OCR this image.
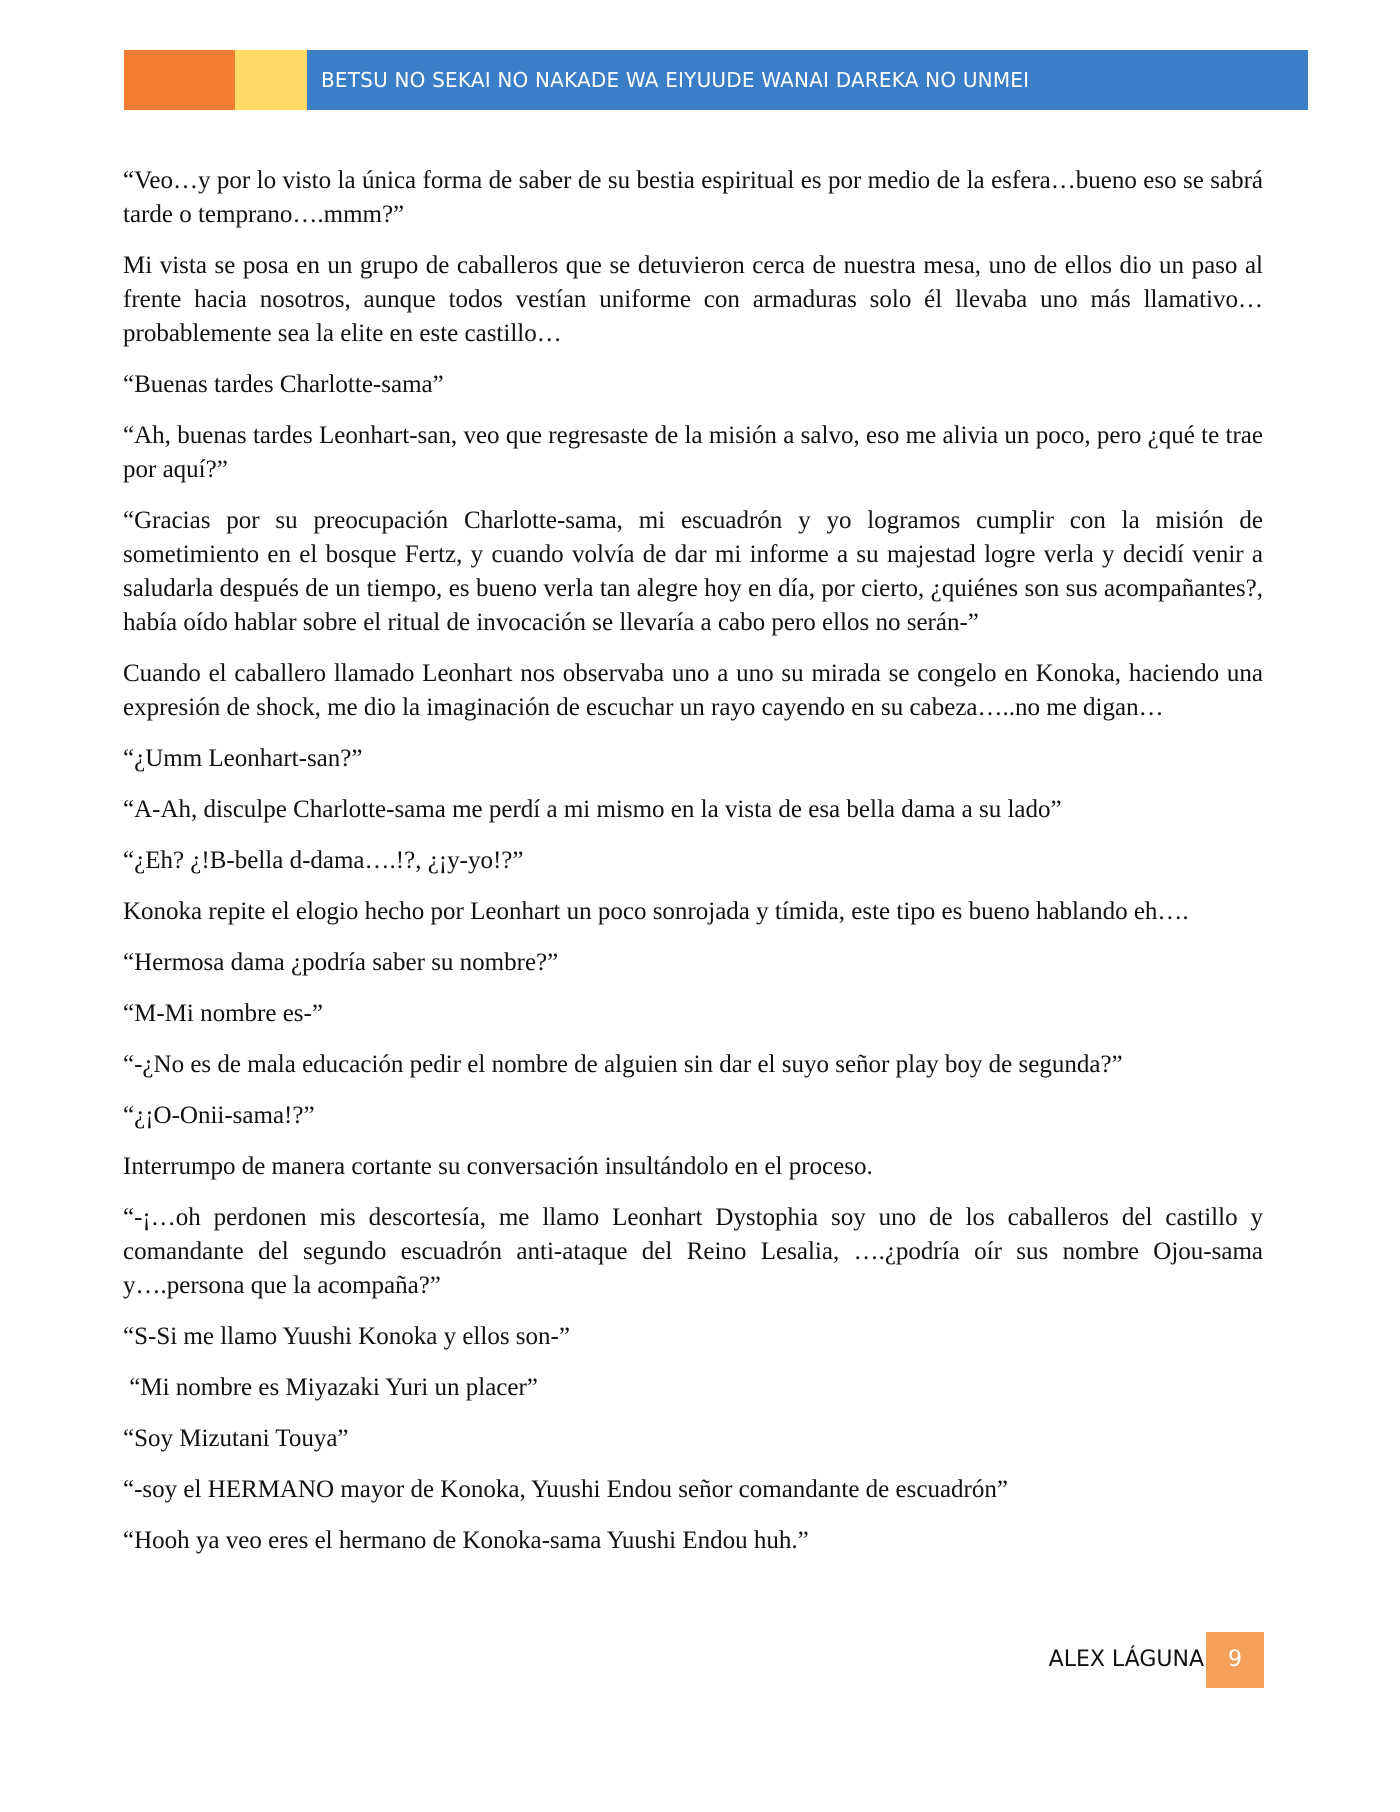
BETSU NO SEKAI NO NAKADE WA EIYUUDE WANAI DAREKA NO UNMEI

“Veo…y por lo visto la única forma de saber de su bestia espiritual es por medio de la esfera…bueno eso se sabrá tarde o temprano….mmm?”

Mi vista se posa en un grupo de caballeros que se detuvieron cerca de nuestra mesa, uno de ellos dio un paso al frente hacia nosotros, aunque todos vestían uniforme con armaduras solo él llevaba uno más llamativo…probablemente sea la elite en este castillo…

“Buenas tardes Charlotte-sama”

“Ah, buenas tardes Leonhart-san, veo que regresaste de la misión a salvo, eso me alivia un poco, pero ¿qué te trae por aquí?”

“Gracias por su preocupación Charlotte-sama, mi escuadrón y yo logramos cumplir con la misión de sometimiento en el bosque Fertz, y cuando volvía de dar mi informe a su majestad logre verla y decidí venir a saludarla después de un tiempo, es bueno verla tan alegre hoy en día, por cierto, ¿quiénes son sus acompañantes?, había oído hablar sobre el ritual de invocación se llevaría a cabo pero ellos no serán-”

Cuando el caballero llamado Leonhart nos observaba uno a uno su mirada se congelo en Konoka, haciendo una expresión de shock, me dio la imaginación de escuchar un rayo cayendo en su cabeza…..no me digan…

“¿Umm Leonhart-san?”

“A-Ah, disculpe Charlotte-sama me perdí a mi mismo en la vista de esa bella dama a su lado”

“¿Eh? ¿!B-bella d-dama….!?, ¿¡y-yo!?”

Konoka repite el elogio hecho por Leonhart un poco sonrojada y tímida, este tipo es bueno hablando eh….

“Hermosa dama ¿podría saber su nombre?”

“M-Mi nombre es-”

“-¿No es de mala educación pedir el nombre de alguien sin dar el suyo señor play boy de segunda?”

“¿¡O-Onii-sama!?”

Interrumpo de manera cortante su conversación insultándolo en el proceso.

“-¡…oh perdonen mis descortesía, me llamo Leonhart Dystophia soy uno de los caballeros del castillo y comandante del segundo escuadrón anti-ataque del Reino Lesalia, ….¿podría oír sus nombre Ojou-sama y….persona que la acompaña?”

“S-Si me llamo Yuushi Konoka y ellos son-”

“Mi nombre es Miyazaki Yuri un placer”

“Soy Mizutani Touya”

“-soy el HERMANO mayor de Konoka, Yuushi Endou señor comandante de escuadrón”

“Hooh ya veo eres el hermano de Konoka-sama Yuushi Endou huh.”

ALEX LÁGUNA	9
